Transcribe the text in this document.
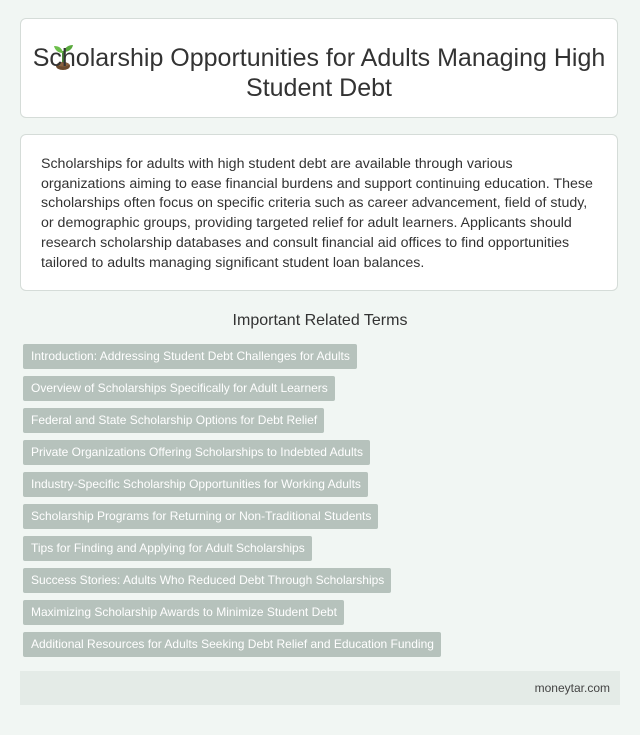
Scholarship Opportunities for Adults Managing High Student Debt

Scholarships for adults with high student debt are available through various organizations aiming to ease financial burdens and support continuing education. These scholarships often focus on specific criteria such as career advancement, field of study, or demographic groups, providing targeted relief for adult learners. Applicants should research scholarship databases and consult financial aid offices to find opportunities tailored to adults managing significant student loan balances.

Important Related Terms
Introduction: Addressing Student Debt Challenges for Adults
Overview of Scholarships Specifically for Adult Learners
Federal and State Scholarship Options for Debt Relief
Private Organizations Offering Scholarships to Indebted Adults
Industry-Specific Scholarship Opportunities for Working Adults
Scholarship Programs for Returning or Non-Traditional Students
Tips for Finding and Applying for Adult Scholarships
Success Stories: Adults Who Reduced Debt Through Scholarships
Maximizing Scholarship Awards to Minimize Student Debt
Additional Resources for Adults Seeking Debt Relief and Education Funding
moneytar.com
